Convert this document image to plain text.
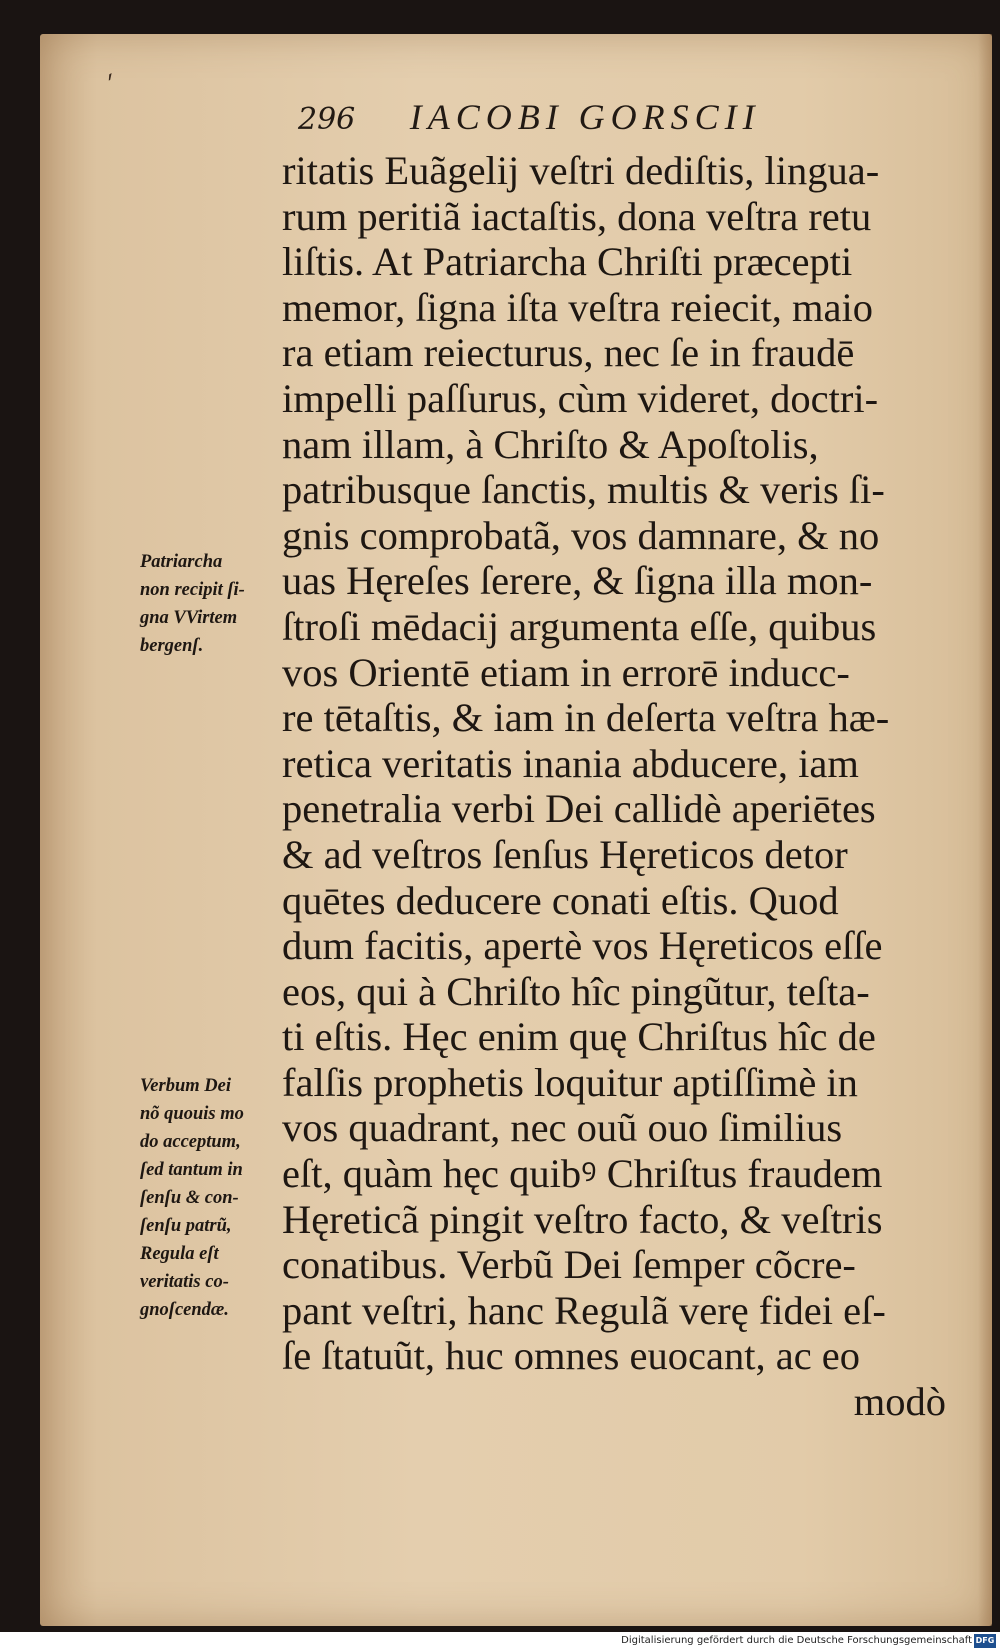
´
296 IACOBI GORSCII
ritatis Euãgelij veſtri dediſtis, lingua-
rum peritiã iactaſtis, dona veſtra retu
liſtis. At Patriarcha Chriſti præcepti
memor, ſigna iſta veſtra reiecit, maio
ra etiam reiecturus, nec ſe in fraudē
impelli paſſurus, cùm videret, doctri-
nam illam, à Chriſto & Apoſtolis,
patribusque ſanctis, multis & veris ſi-
gnis comprobatã, vos damnare, & no
uas Hęreſes ſerere, & ſigna illa mon-
ſtroſi mēdacij argumenta eſſe, quibus
vos Orientē etiam in errorē inducc-
re tētaſtis, & iam in deſerta veſtra hæ-
retica veritatis inania abducere, iam
penetralia verbi Dei callidè aperiētes
& ad veſtros ſenſus Hęreticos detor
quētes deducere conati eſtis. Quod
dum facitis, apertè vos Hęreticos eſſe
eos, qui à Chriſto hîc pingũtur, teſta-
ti eſtis. Hęc enim quę Chriſtus hîc de
falſis prophetis loquitur aptiſſimè in
vos quadrant, nec ouũ ouo ſimilius
eſt, quàm hęc quibꝰ Chriſtus fraudem
Hęreticã pingit veſtro facto, & veſtris
conatibus. Verbũ Dei ſemper cõcre-
pant veſtri, hanc Regulã verę fidei eſ-
ſe ſtatuũt, huc omnes euocant, ac eo
modò
Patriarcha
non recipit ſi-
gna VVirtem
bergenſ.
Verbum Dei
nõ quouis mo
do acceptum,
ſed tantum in
ſenſu & con-
ſenſu patrũ,
Regula eſt
veritatis co-
gnoſcendæ.
Digitalisierung gefördert durch die Deutsche Forschungsgemeinschaft DFG
